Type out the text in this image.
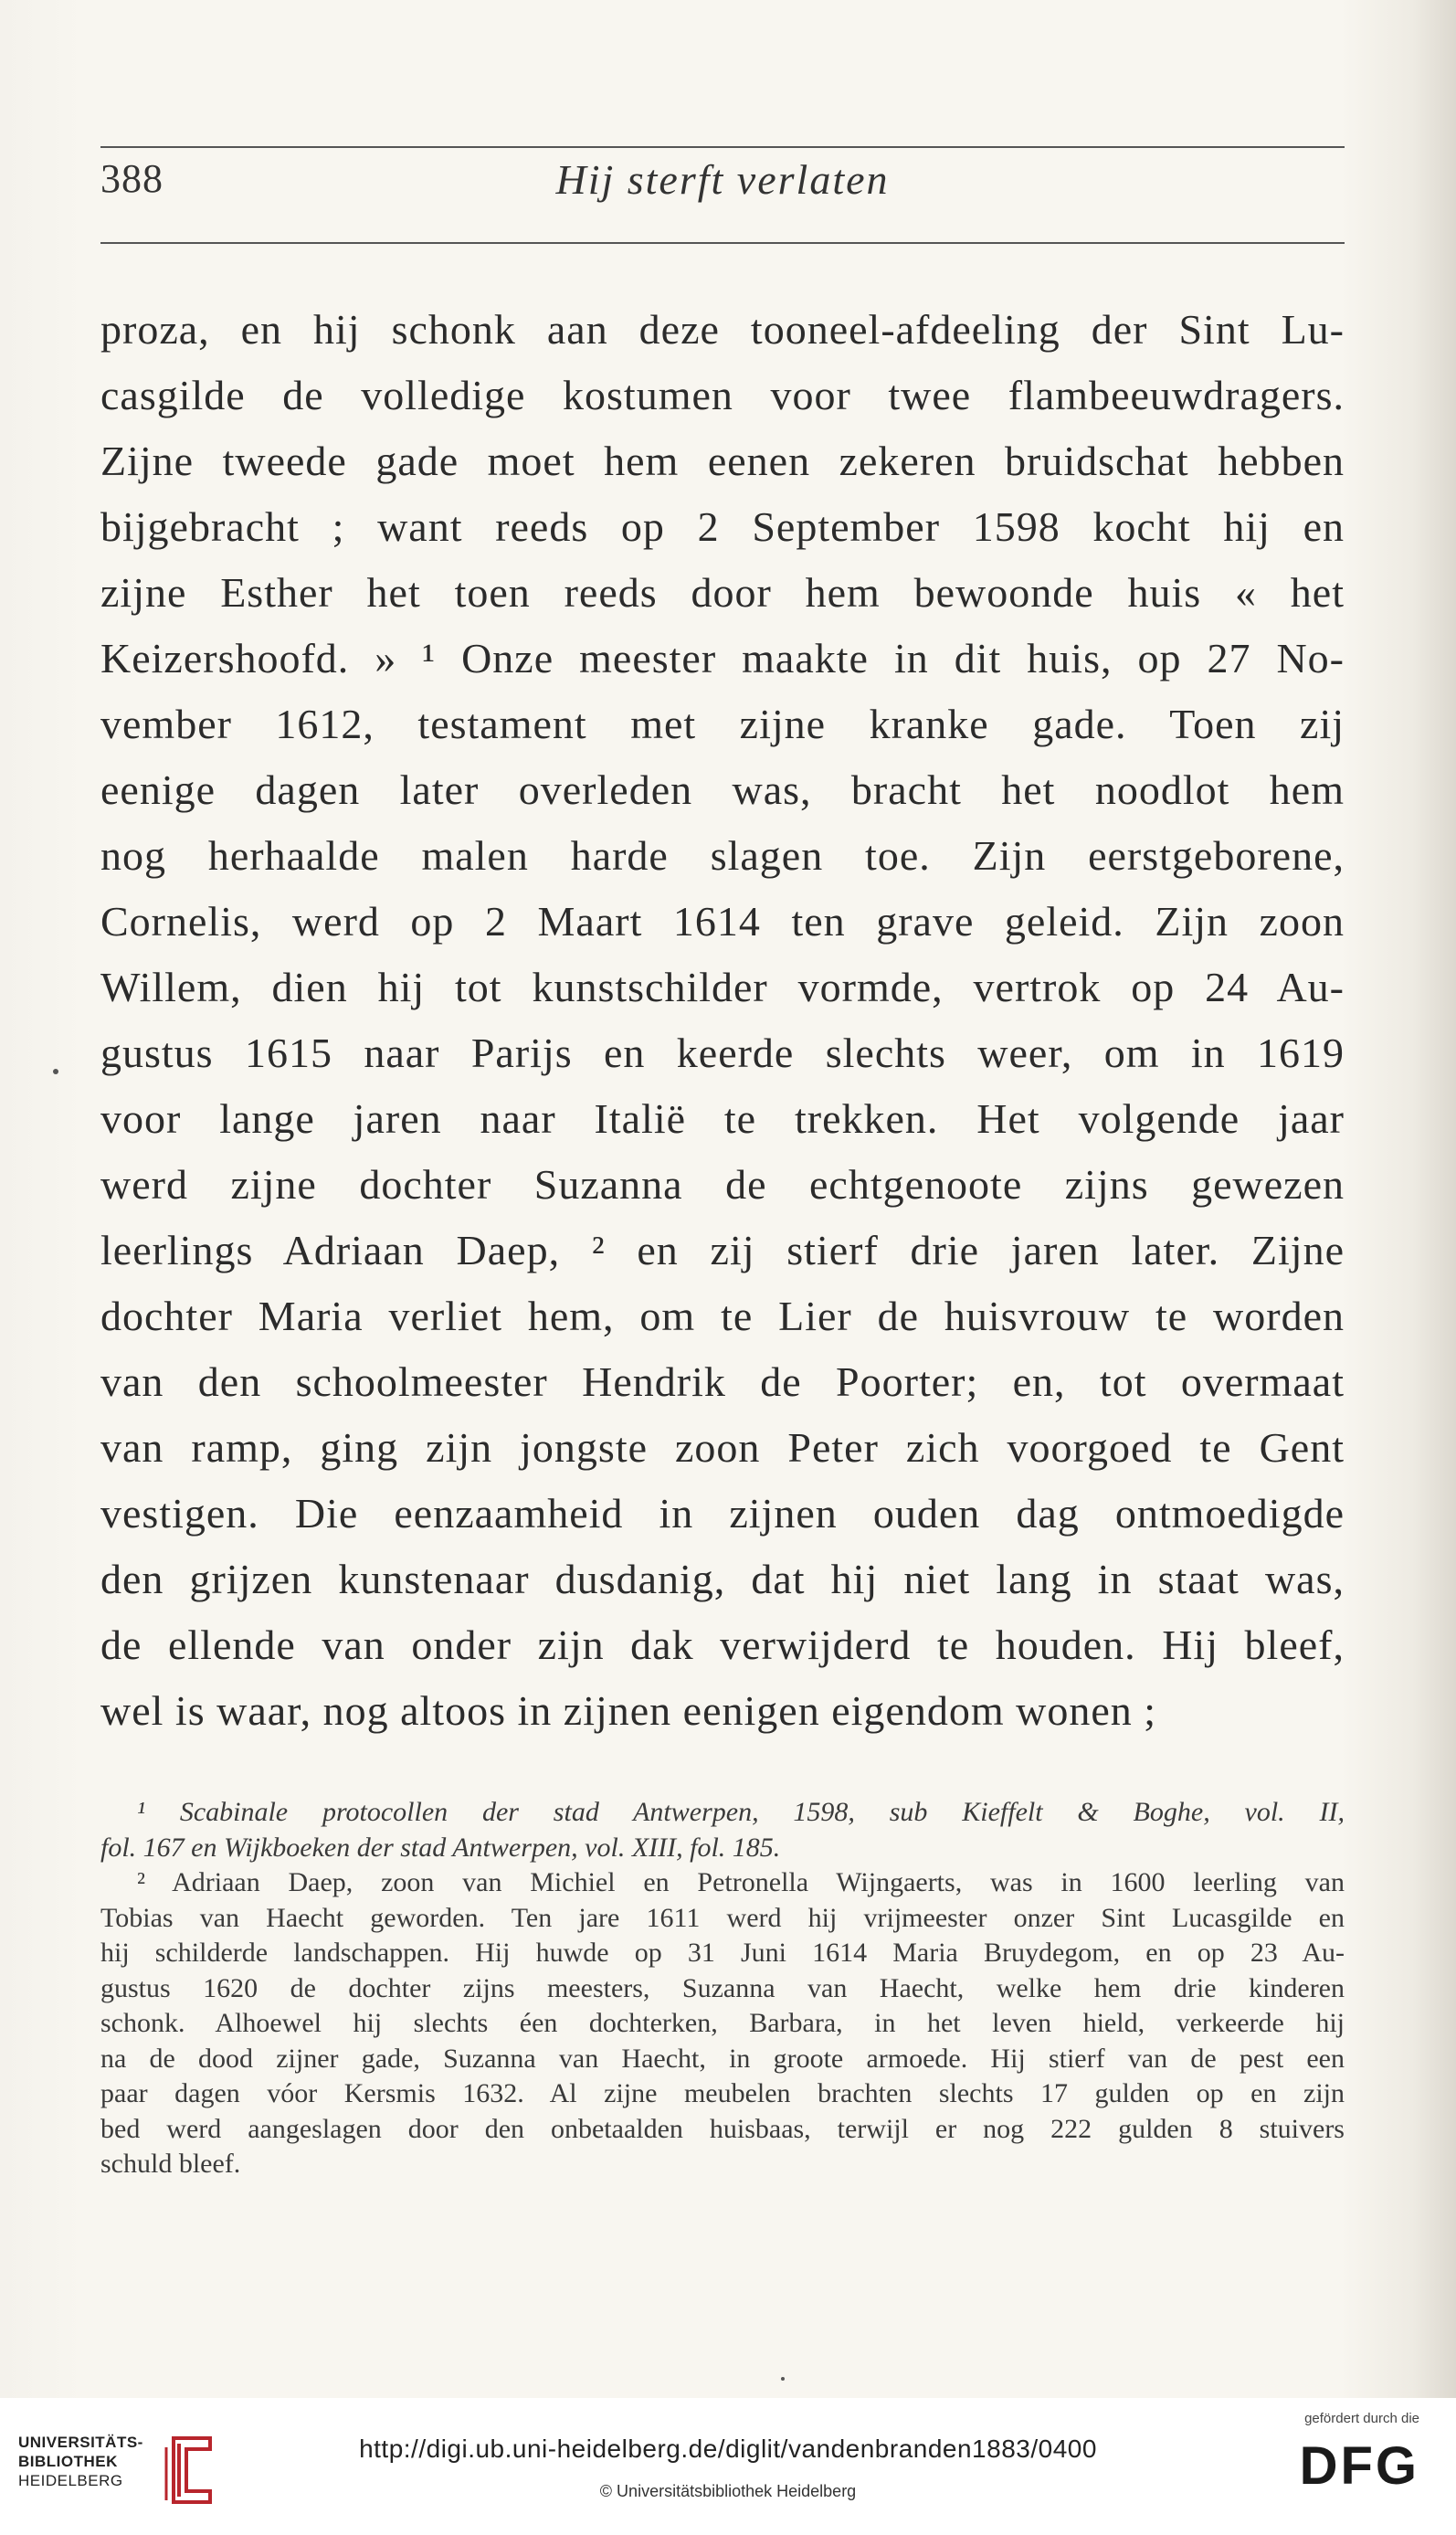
388	Hij sterft verlaten
proza, en hij schonk aan deze tooneel-afdeeling der Sint Lu-
casgilde de volledige kostumen voor twee flambeeuwdragers.
Zijne tweede gade moet hem eenen zekeren bruidschat hebben
bijgebracht ; want reeds op 2 September 1598 kocht hij en
zijne Esther het toen reeds door hem bewoonde huis « het
Keizershoofd. » ¹ Onze meester maakte in dit huis, op 27 No-
vember 1612, testament met zijne kranke gade. Toen zij
eenige dagen later overleden was, bracht het noodlot hem
nog herhaalde malen harde slagen toe. Zijn eerstgeborene,
Cornelis, werd op 2 Maart 1614 ten grave geleid. Zijn zoon
Willem, dien hij tot kunstschilder vormde, vertrok op 24 Au-
gustus 1615 naar Parijs en keerde slechts weer, om in 1619
voor lange jaren naar Italië te trekken. Het volgende jaar
werd zijne dochter Suzanna de echtgenoote zijns gewezen
leerlings Adriaan Daep, ² en zij stierf drie jaren later. Zijne
dochter Maria verliet hem, om te Lier de huisvrouw te worden
van den schoolmeester Hendrik de Poorter; en, tot overmaat
van ramp, ging zijn jongste zoon Peter zich voorgoed te Gent
vestigen. Die eenzaamheid in zijnen ouden dag ontmoedigde
den grijzen kunstenaar dusdanig, dat hij niet lang in staat was,
de ellende van onder zijn dak verwijderd te houden. Hij bleef,
wel is waar, nog altoos in zijnen eenigen eigendom wonen ;
¹ Scabinale protocollen der stad Antwerpen, 1598, sub Kieffelt & Boghe, vol. II,
fol. 167 en Wijkboeken der stad Antwerpen, vol. XIII, fol. 185.
² Adriaan Daep, zoon van Michiel en Petronella Wijngaerts, was in 1600 leerling van
Tobias van Haecht geworden. Ten jare 1611 werd hij vrijmeester onzer Sint Lucasgilde en
hij schilderde landschappen. Hij huwde op 31 Juni 1614 Maria Bruydegom, en op 23 Au-
gustus 1620 de dochter zijns meesters, Suzanna van Haecht, welke hem drie kinderen
schonk. Alhoewel hij slechts éen dochterken, Barbara, in het leven hield, verkeerde hij
na de dood zijner gade, Suzanna van Haecht, in groote armoede. Hij stierf van de pest een
paar dagen vóor Kersmis 1632. Al zijne meubelen brachten slechts 17 gulden op en zijn
bed werd aangeslagen door den onbetaalden huisbaas, terwijl er nog 222 gulden 8 stuivers
schuld bleef.
UNIVERSITÄTS-
BIBLIOTHEK
HEIDELBERG
http://digi.ub.uni-heidelberg.de/diglit/vandenbranden1883/0400
© Universitätsbibliothek Heidelberg
gefördert durch die
DFG
